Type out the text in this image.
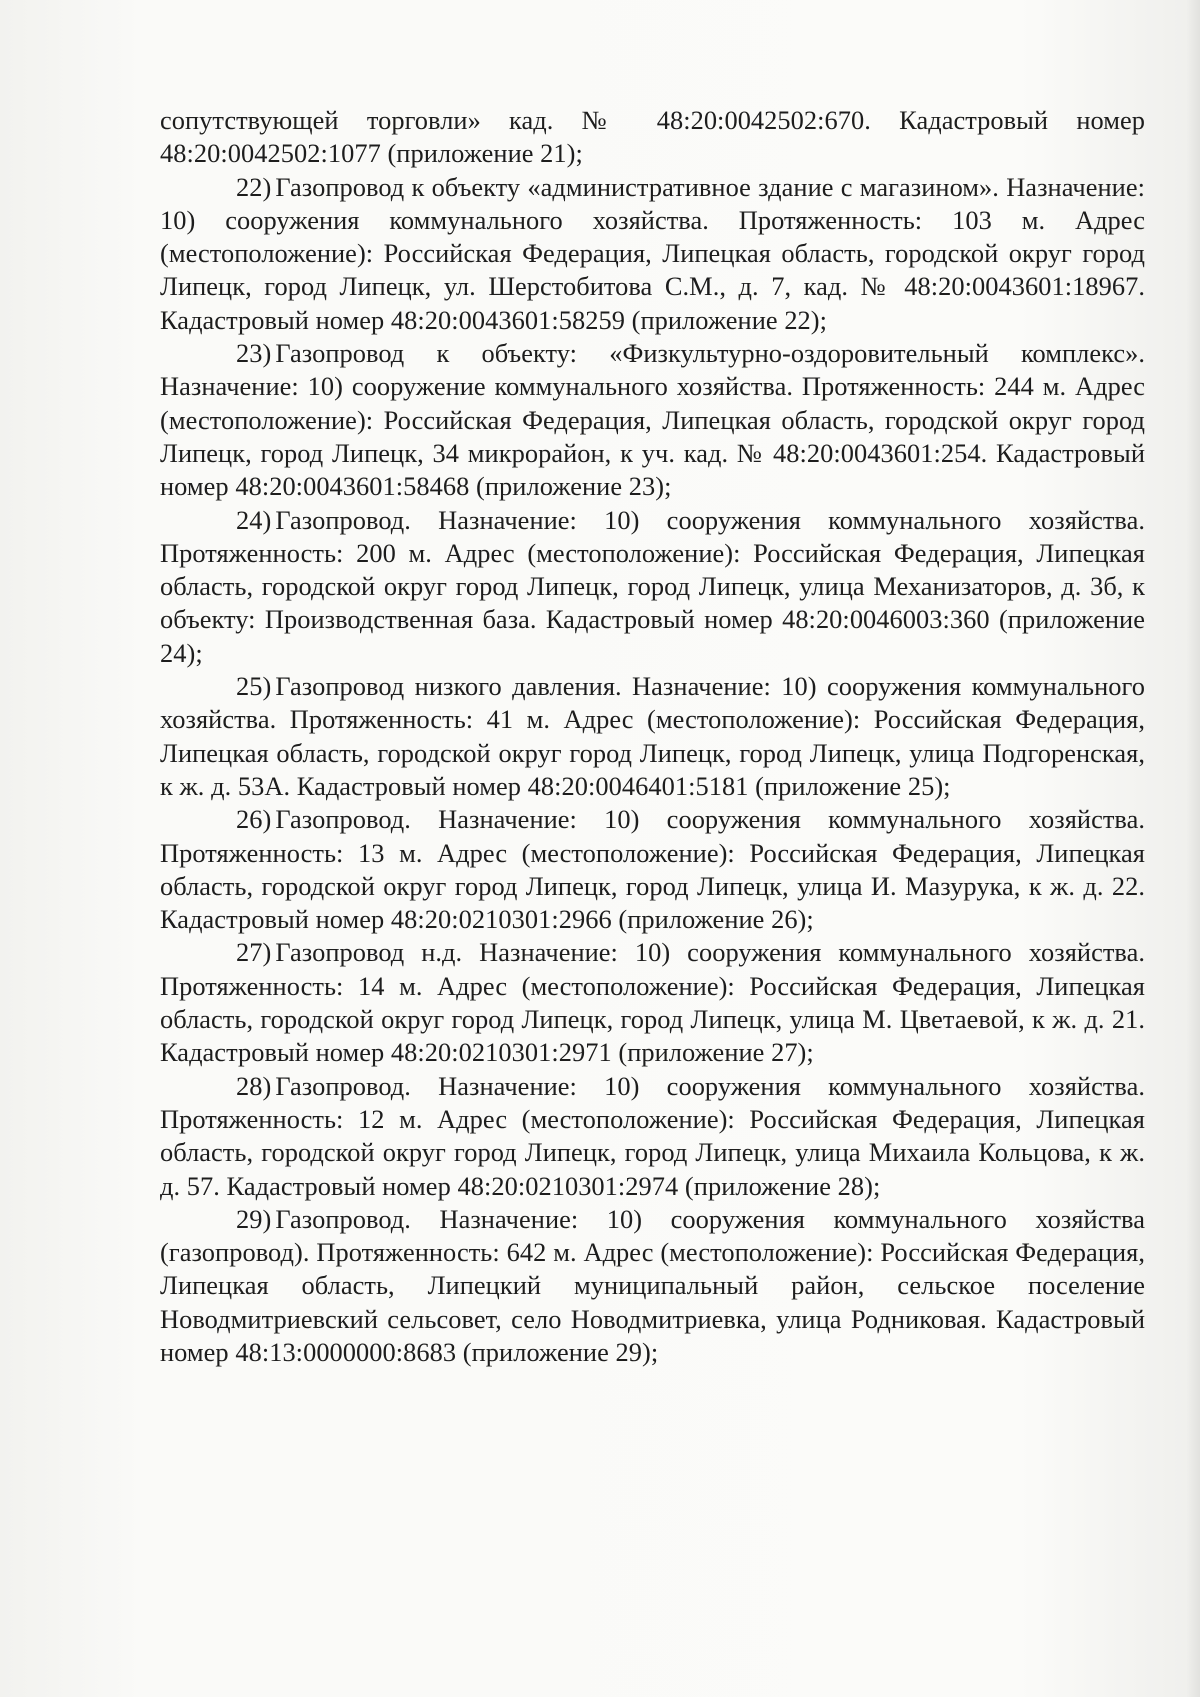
сопутствующей торговли» кад. № 48:20:0042502:670. Кадастровый номер 48:20:0042502:1077 (приложение 21);

22) Газопровод к объекту «административное здание с магазином». Назначение: 10) сооружения коммунального хозяйства. Протяженность: 103 м. Адрес (местоположение): Российская Федерация, Липецкая область, городской округ город Липецк, город Липецк, ул. Шерстобитова С.М., д. 7, кад. № 48:20:0043601:18967. Кадастровый номер 48:20:0043601:58259 (приложение 22);

23) Газопровод к объекту: «Физкультурно-оздоровительный комплекс». Назначение: 10) сооружение коммунального хозяйства. Протяженность: 244 м. Адрес (местоположение): Российская Федерация, Липецкая область, городской округ город Липецк, город Липецк, 34 микрорайон, к уч. кад. № 48:20:0043601:254. Кадастровый номер 48:20:0043601:58468 (приложение 23);

24) Газопровод. Назначение: 10) сооружения коммунального хозяйства. Протяженность: 200 м. Адрес (местоположение): Российская Федерация, Липецкая область, городской округ город Липецк, город Липецк, улица Механизаторов, д. 3б, к объекту: Производственная база. Кадастровый номер 48:20:0046003:360 (приложение 24);

25) Газопровод низкого давления. Назначение: 10) сооружения коммунального хозяйства. Протяженность: 41 м. Адрес (местоположение): Российская Федерация, Липецкая область, городской округ город Липецк, город Липецк, улица Подгоренская, к ж. д. 53А. Кадастровый номер 48:20:0046401:5181 (приложение 25);

26) Газопровод. Назначение: 10) сооружения коммунального хозяйства. Протяженность: 13 м. Адрес (местоположение): Российская Федерация, Липецкая область, городской округ город Липецк, город Липецк, улица И. Мазурука, к ж. д. 22. Кадастровый номер 48:20:0210301:2966 (приложение 26);

27) Газопровод н.д. Назначение: 10) сооружения коммунального хозяйства. Протяженность: 14 м. Адрес (местоположение): Российская Федерация, Липецкая область, городской округ город Липецк, город Липецк, улица М. Цветаевой, к ж. д. 21. Кадастровый номер 48:20:0210301:2971 (приложение 27);

28) Газопровод. Назначение: 10) сооружения коммунального хозяйства. Протяженность: 12 м. Адрес (местоположение): Российская Федерация, Липецкая область, городской округ город Липецк, город Липецк, улица Михаила Кольцова, к ж. д. 57. Кадастровый номер 48:20:0210301:2974 (приложение 28);

29) Газопровод. Назначение: 10) сооружения коммунального хозяйства (газопровод). Протяженность: 642 м. Адрес (местоположение): Российская Федерация, Липецкая область, Липецкий муниципальный район, сельское поселение Новодмитриевский сельсовет, село Новодмитриевка, улица Родниковая. Кадастровый номер 48:13:0000000:8683 (приложение 29);
